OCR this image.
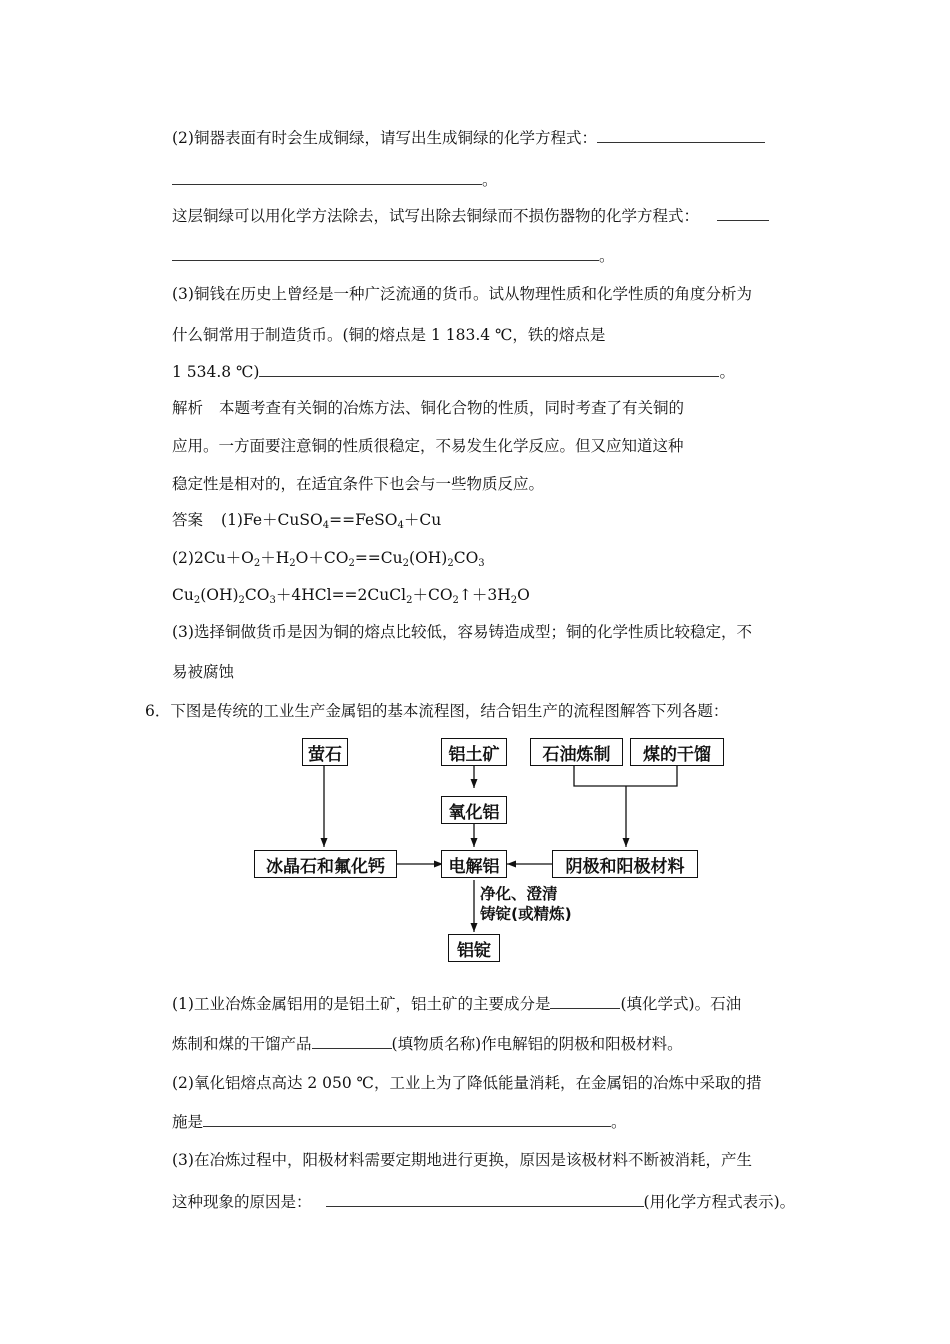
(2)铜器表面有时会生成铜绿，请写出生成铜绿的化学方程式：
。
这层铜绿可以用化学方法除去，试写出除去铜绿而不损伤器物的化学方程式：
。
(3)铜钱在历史上曾经是一种广泛流通的货币。试从物理性质和化学性质的角度分析为
什么铜常用于制造货币。(铜的熔点是 1 183.4 ℃，铁的熔点是
1 534.8 ℃)	。
解析 本题考查有关铜的冶炼方法、铜化合物的性质，同时考查了有关铜的
应用。一方面要注意铜的性质很稳定，不易发生化学反应。但又应知道这种
稳定性是相对的，在适宜条件下也会与一些物质反应。
答案 (1)Fe＋CuSO$_4$==FeSO$_4$＋Cu
$(2)2Cu+O_2+H_2O+CO_2==Cu_2(OH)_2CO_3$
$Cu_2(OH)_2CO_3+4HCl==2CuCl_2+CO_2↑+3H_2O$
(3)选择铜做货币是因为铜的熔点比较低，容易铸造成型；铜的化学性质比较稳定，不
易被腐蚀
6．下图是传统的工业生产金属铝的基本流程图，结合铝生产的流程图解答下列各题：
萤石	铝土矿	石油炼制	煤的干馏
氧化铝
冰晶石和氟化钙	电解铝	阴极和阳极材料
净化、澄清
铸锭(或精炼)
铝锭
(1)工业冶炼金属铝用的是铝土矿，铝土矿的主要成分是	(填化学式)。石油
炼制和煤的干馏产品	(填物质名称)作电解铝的阴极和阳极材料。
(2)氧化铝熔点高达 2 050 ℃，工业上为了降低能量消耗，在金属铝的冶炼中采取的措
施是	。
(3)在冶炼过程中，阳极材料需要定期地进行更换，原因是该极材料不断被消耗，产生
这种现象的原因是：	(用化学方程式表示)。
